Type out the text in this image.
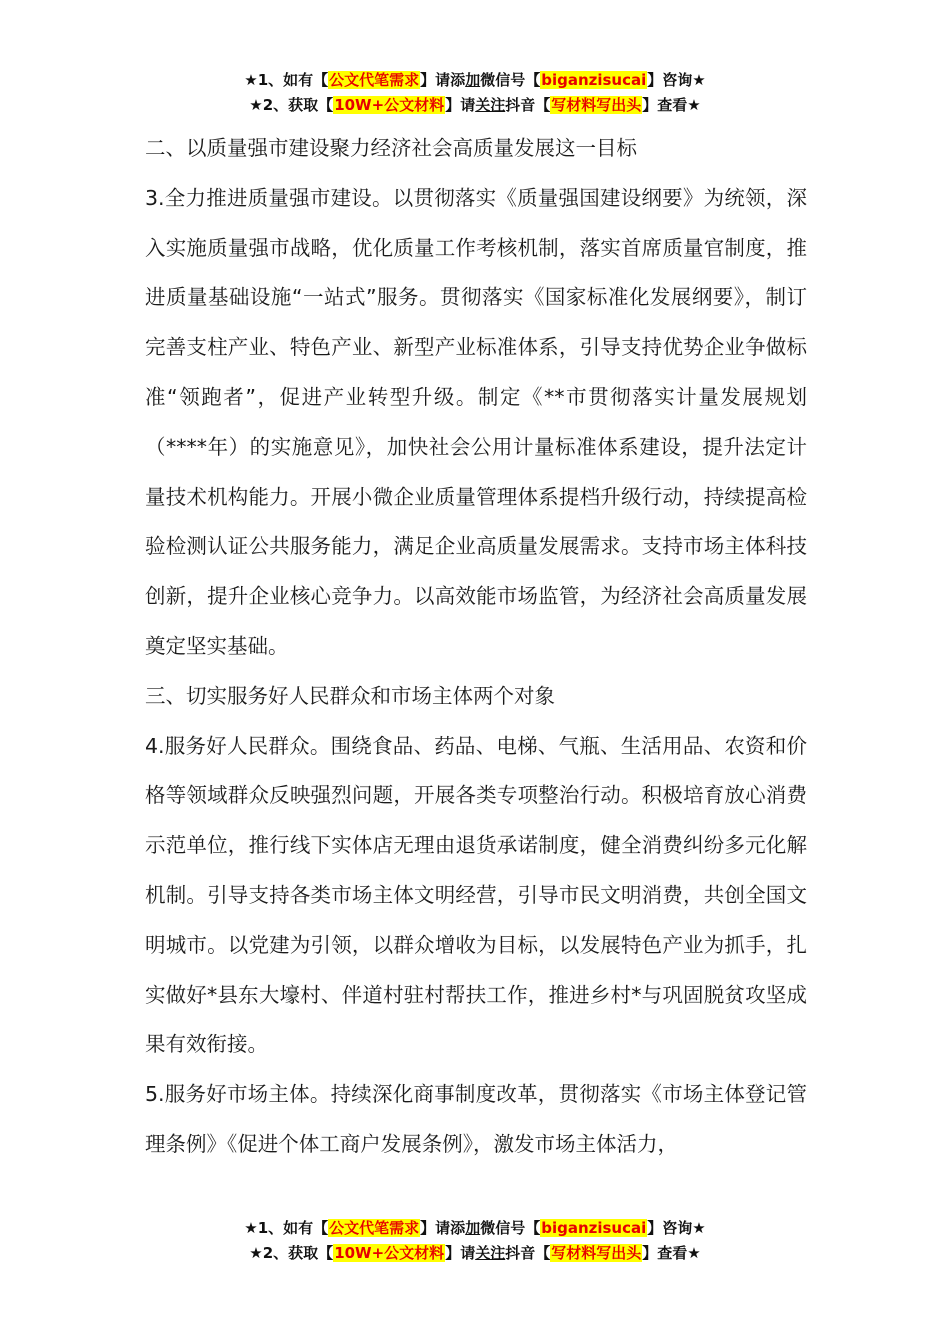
★1、如有【公文代笔需求】请添加微信号【biganzisucai】咨询★
★2、获取【10W+公文材料】请关注抖音【写材料写出头】查看★

二、以质量强市建设聚力经济社会高质量发展这一目标

3.全力推进质量强市建设。以贯彻落实《质量强国建设纲要》为统领，深入实施质量强市战略，优化质量工作考核机制，落实首席质量官制度，推进质量基础设施“一站式”服务。贯彻落实《国家标准化发展纲要》，制订完善支柱产业、特色产业、新型产业标准体系，引导支持优势企业争做标准“领跑者”，促进产业转型升级。制定《**市贯彻落实计量发展规划（****年）的实施意见》，加快社会公用计量标准体系建设，提升法定计量技术机构能力。开展小微企业质量管理体系提档升级行动，持续提高检验检测认证公共服务能力，满足企业高质量发展需求。支持市场主体科技创新，提升企业核心竞争力。以高效能市场监管，为经济社会高质量发展奠定坚实基础。

三、切实服务好人民群众和市场主体两个对象

4.服务好人民群众。围绕食品、药品、电梯、气瓶、生活用品、农资和价格等领域群众反映强烈问题，开展各类专项整治行动。积极培育放心消费示范单位，推行线下实体店无理由退货承诺制度，健全消费纠纷多元化解机制。引导支持各类市场主体文明经营，引导市民文明消费，共创全国文明城市。以党建为引领，以群众增收为目标，以发展特色产业为抓手，扎实做好*县东大壕村、伴道村驻村帮扶工作，推进乡村*与巩固脱贫攻坚成果有效衔接。

5.服务好市场主体。持续深化商事制度改革，贯彻落实《市场主体登记管理条例》《促进个体工商户发展条例》，激发市场主体活力，

★1、如有【公文代笔需求】请添加微信号【biganzisucai】咨询★
★2、获取【10W+公文材料】请关注抖音【写材料写出头】查看★
